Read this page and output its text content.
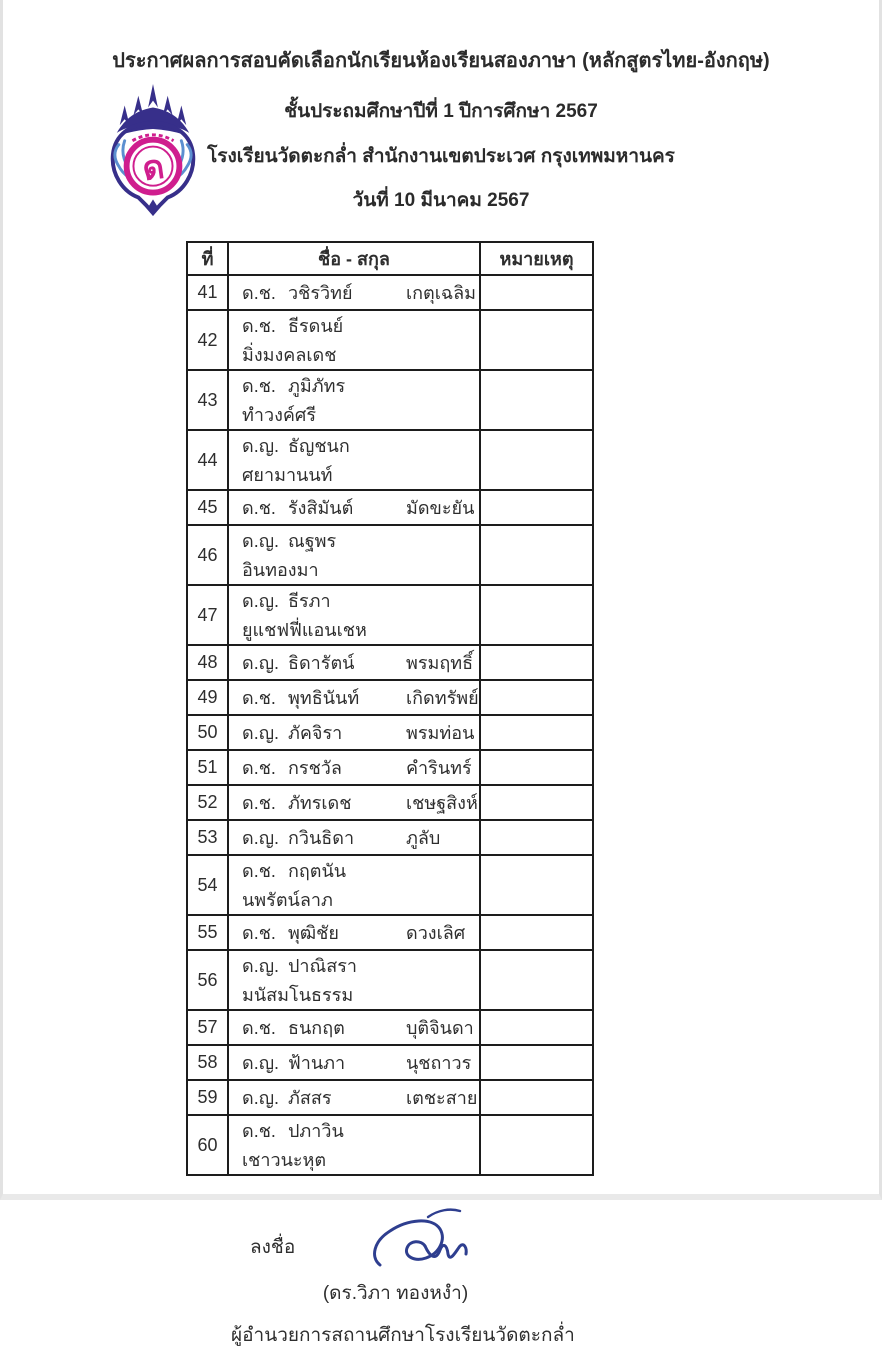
ด

ประกาศผลการสอบคัดเลือกนักเรียนห้องเรียนสองภาษา (หลักสูตรไทย-อังกฤษ)

ชั้นประถมศึกษาปีที่ 1 ปีการศึกษา 2567

โรงเรียนวัดตะกล่ำ สำนักงานเขตประเวศ กรุงเทพมหานคร

วันที่ 10 มีนาคม 2567

ที่	ชื่อ - สกุล	หมายเหตุ
41	ด.ช. วชิรวิทย์ เกตุเฉลิม	
42	ด.ช. ธีรดนย์มิ่งมงคลเดช	
43	ด.ช. ภูมิภัทรทำวงค์ศรี	
44	ด.ญ. ธัญชนกศยามานนท์	
45	ด.ช. รังสิมันต์ มัดขะยัน	
46	ด.ญ. ณฐพรอินทองมา	
47	ด.ญ. ธีรภายูแชฟฟี่แอนเชห	
48	ด.ญ. ธิดารัตน์ พรมฤทธิ์	
49	ด.ช. พุทธินันท์ เกิดทรัพย์	
50	ด.ญ. ภัคจิรา พรมท่อน	
51	ด.ช. กรชวัล คำรินทร์	
52	ด.ช. ภัทรเดช เชษฐสิงห์	
53	ด.ญ. กวินธิดา ภูลับ	
54	ด.ช. กฤตนันนพรัตน์ลาภ	
55	ด.ช. พุฒิชัย ดวงเลิศ	
56	ด.ญ. ปาณิสรามนัสมโนธรรม	
57	ด.ช. ธนกฤต บุติจินดา	
58	ด.ญ. ฟ้านภา นุชถาวร	
59	ด.ญ. ภัสสร เตชะสาย	
60	ด.ช. ปภาวินเชาวนะหุต	
ลงชื่อ
(ดร.วิภา ทองหงำ)
ผู้อำนวยการสถานศึกษาโรงเรียนวัดตะกล่ำ
